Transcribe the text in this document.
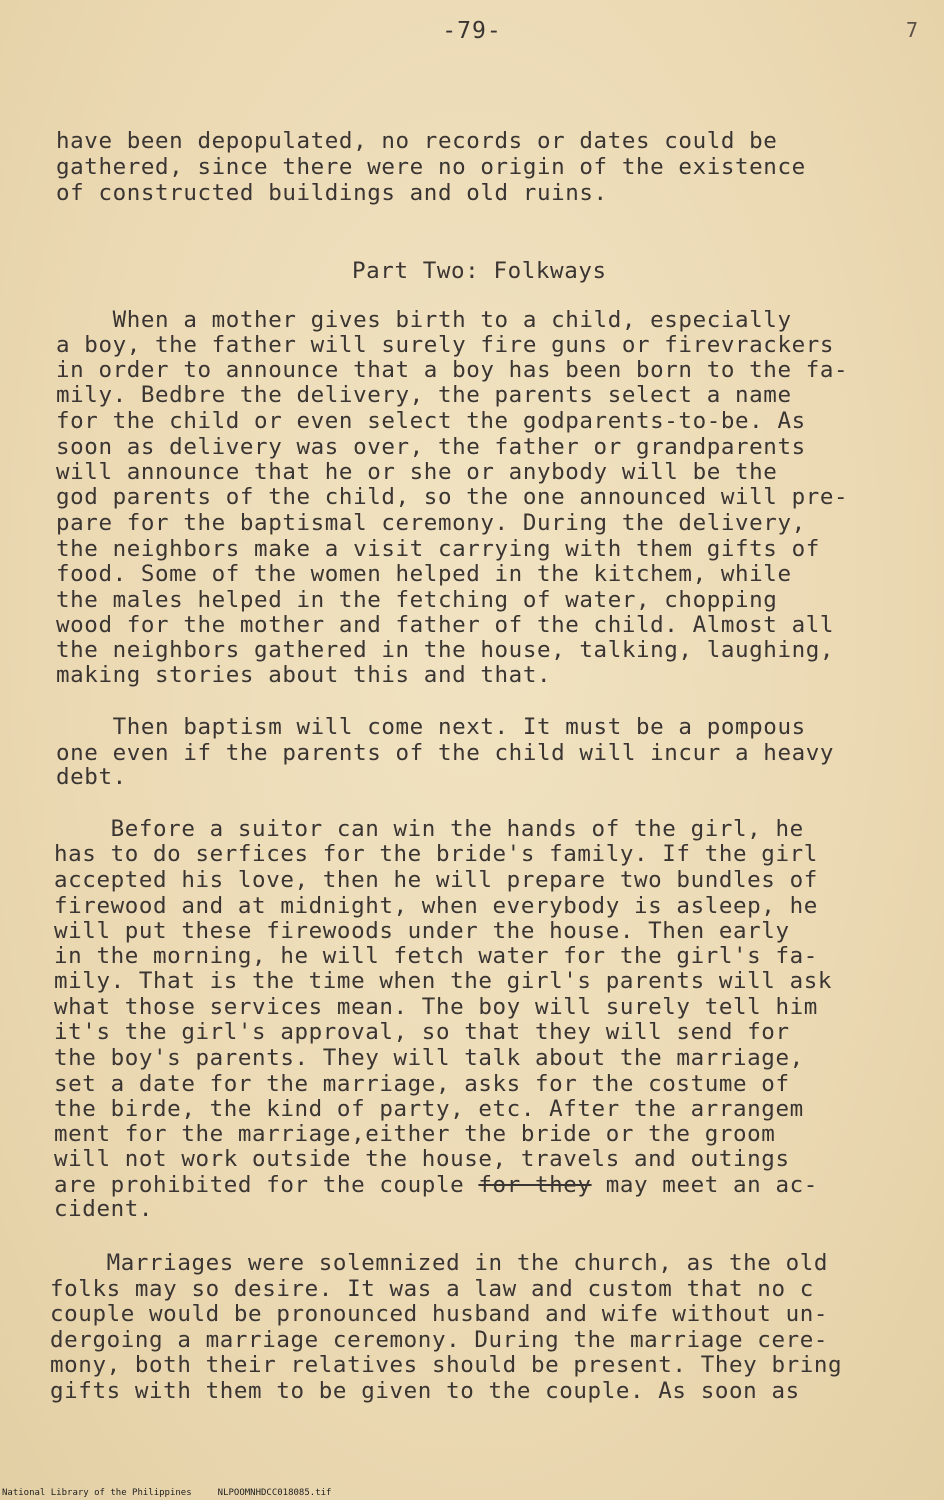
-79-	7
have been depopulated, no records or dates could be
gathered, since there were no origin of the existence
of constructed buildings and old ruins.
Part Two: Folkways
When a mother gives birth to a child, especially
a boy, the father will surely fire guns or firevrackers
in order to announce that a boy has been born to the fa-
mily. Bedbre the delivery, the parents select a name
for the child or even select the godparents-to-be. As
soon as delivery was over, the father or grandparents
will announce that he or she or anybody will be the
god parents of the child, so the one announced will pre-
pare for the baptismal ceremony. During the delivery,
the neighbors make a visit carrying with them gifts of
food. Some of the women helped in the kitchem, while
the males helped in the fetching of water, chopping
wood for the mother and father of the child. Almost all
the neighbors gathered in the house, talking, laughing,
making stories about this and that.
Then baptism will come next. It must be a pompous
one even if the parents of the child will incur a heavy
debt.
Before a suitor can win the hands of the girl, he
has to do serfices for the bride's family. If the girl
accepted his love, then he will prepare two bundles of
firewood and at midnight, when everybody is asleep, he
will put these firewoods under the house. Then early
in the morning, he will fetch water for the girl's fa-
mily. That is the time when the girl's parents will ask
what those services mean. The boy will surely tell him
it's the girl's approval, so that they will send for
the boy's parents. They will talk about the marriage,
set a date for the marriage, asks for the costume of
the birde, the kind of party, etc. After the arrangem
ment for the marriage,either the bride or the groom
will not work outside the house, travels and outings
are prohibited for the couple for they may meet an ac-
cident.
Marriages were solemnized in the church, as the old
folks may so desire. It was a law and custom that no c
couple would be pronounced husband and wife without un-
dergoing a marriage ceremony. During the marriage cere-
mony, both their relatives should be present. They bring
gifts with them to be given to the couple. As soon as
National Library of the Philippines	NLPOOMNHDCC018085.tif
